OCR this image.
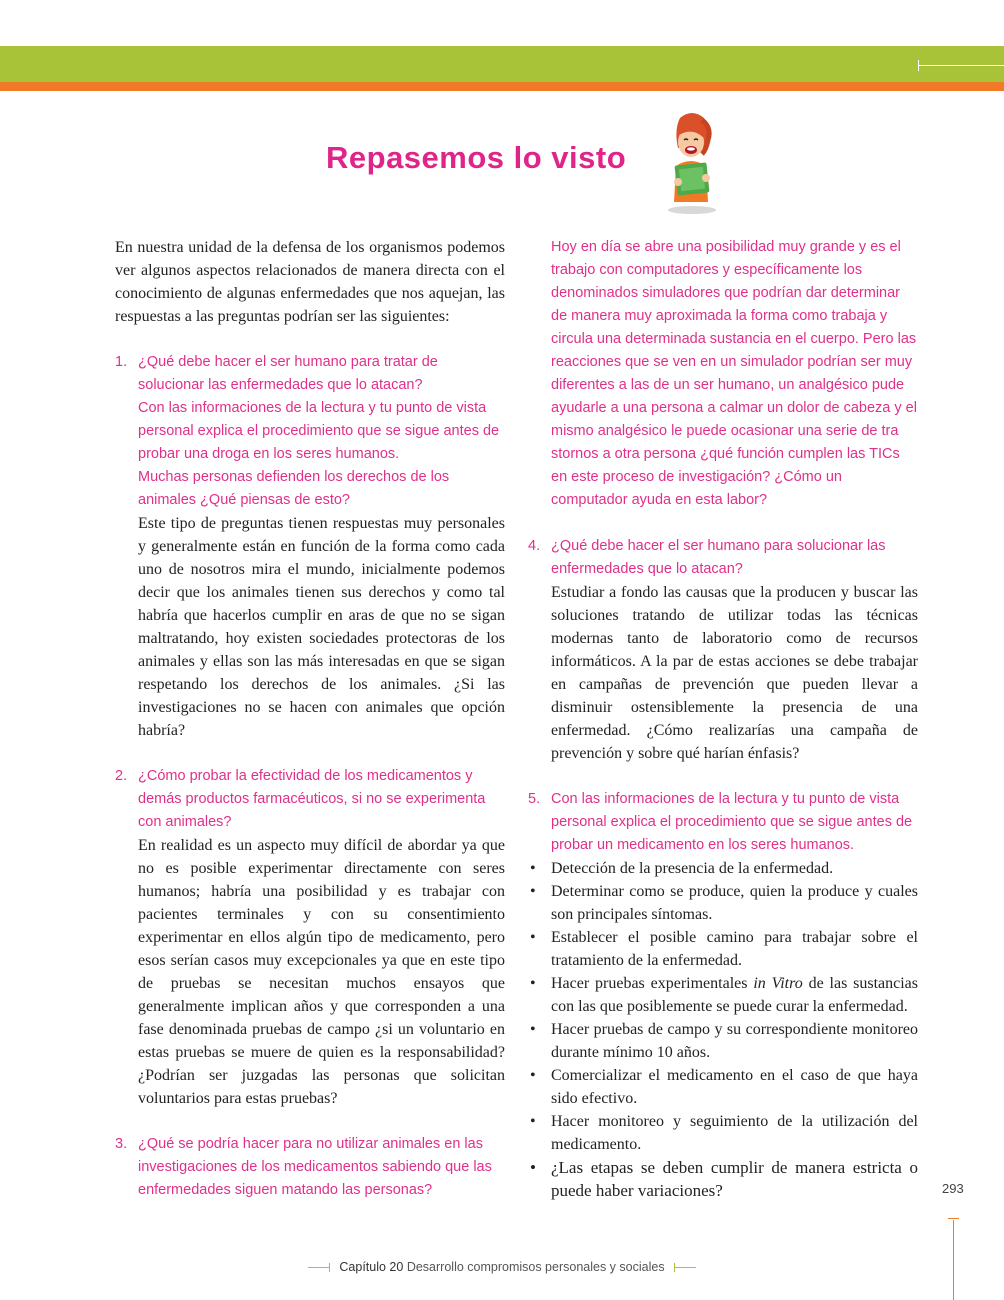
Repasemos lo visto

En nuestra unidad de la defensa de los organismos podemos ver algunos aspectos relacionados de manera directa con el conocimiento de algunas enfermedades que nos aquejan, las respuestas a las preguntas podrían ser las siguientes:

1. ¿Qué debe hacer el ser humano para tratar de solucionar las enfermedades que lo atacan?

Con las informaciones de la lectura y tu punto de vista personal explica el procedimiento que se sigue antes de probar una droga en los seres humanos.

Muchas personas defienden los derechos de los animales ¿Qué piensas de esto?

Este tipo de preguntas tienen respuestas muy personales y generalmente están en función de la forma como cada uno de nosotros mira el mundo, inicialmente podemos decir que los animales tienen sus derechos y como tal habría que hacerlos cumplir en aras de que no se sigan maltratando, hoy existen sociedades protectoras de los animales y ellas son las más interesadas en que se sigan respetando los derechos de los animales. ¿Si las investigaciones no se hacen con animales que opción habría?

2. ¿Cómo probar la efectividad de los medicamentos y demás productos farmacéuticos, si no se experimenta con animales?

En realidad es un aspecto muy difícil de abordar ya que no es posible experimentar directamente con seres humanos; habría una posibilidad y es trabajar con pacientes terminales y con su consentimiento experimentar en ellos algún tipo de medicamento, pero esos serían casos muy excepcionales ya que en este tipo de pruebas se necesitan muchos ensayos que generalmente implican años y que corresponden a una fase denominada pruebas de campo ¿si un voluntario en estas pruebas se muere de quien es la responsabilidad? ¿Podrían ser juzgadas las personas que solicitan voluntarios para estas pruebas?

3. ¿Qué se podría hacer para no utilizar animales en las investigaciones de los medicamentos sabiendo que las enfermedades siguen matando las personas?

Hoy en día se abre una posibilidad muy grande y es el trabajo con computadores y específicamente los denominados simuladores que podrían dar determinar de manera muy aproximada la forma como trabaja y circula una determinada sustancia en el cuerpo. Pero las reacciones que se ven en un simulador podrían ser muy diferentes a las de un ser humano, un analgésico pude ayudarle a una persona a calmar un dolor de cabeza y el mismo analgésico le puede ocasionar una serie de tra stornos a otra persona ¿qué función cumplen las TICs en este proceso de investigación? ¿Cómo un computador ayuda en esta labor?

4. ¿Qué debe hacer el ser humano para solucionar las enfermedades que lo atacan?

Estudiar a fondo las causas que la producen y buscar las soluciones tratando de utilizar todas las técnicas modernas tanto de laboratorio como de recursos informáticos. A la par de estas acciones se debe trabajar en campañas de prevención que pueden llevar a disminuir ostensiblemente la presencia de una enfermedad. ¿Cómo realizarías una campaña de prevención y sobre qué harían énfasis?

5. Con las informaciones de la lectura y tu punto de vista personal explica el procedimiento que se sigue antes de probar un medicamento en los seres humanos.

• Detección de la presencia de la enfermedad.
• Determinar como se produce, quien la produce y cuales son principales síntomas.
• Establecer el posible camino para trabajar sobre el tratamiento de la enfermedad.
• Hacer pruebas experimentales in Vitro de las sustancias con las que posiblemente se puede curar la enfermedad.
• Hacer pruebas de campo y su correspondiente monitoreo durante mínimo 10 años.
• Comercializar el medicamento en el caso de que haya sido efectivo.
• Hacer monitoreo y seguimiento de la utilización del medicamento.
• ¿Las etapas se deben cumplir de manera estricta o puede haber variaciones?	293
Capítulo 20 Desarrollo compromisos personales y sociales
